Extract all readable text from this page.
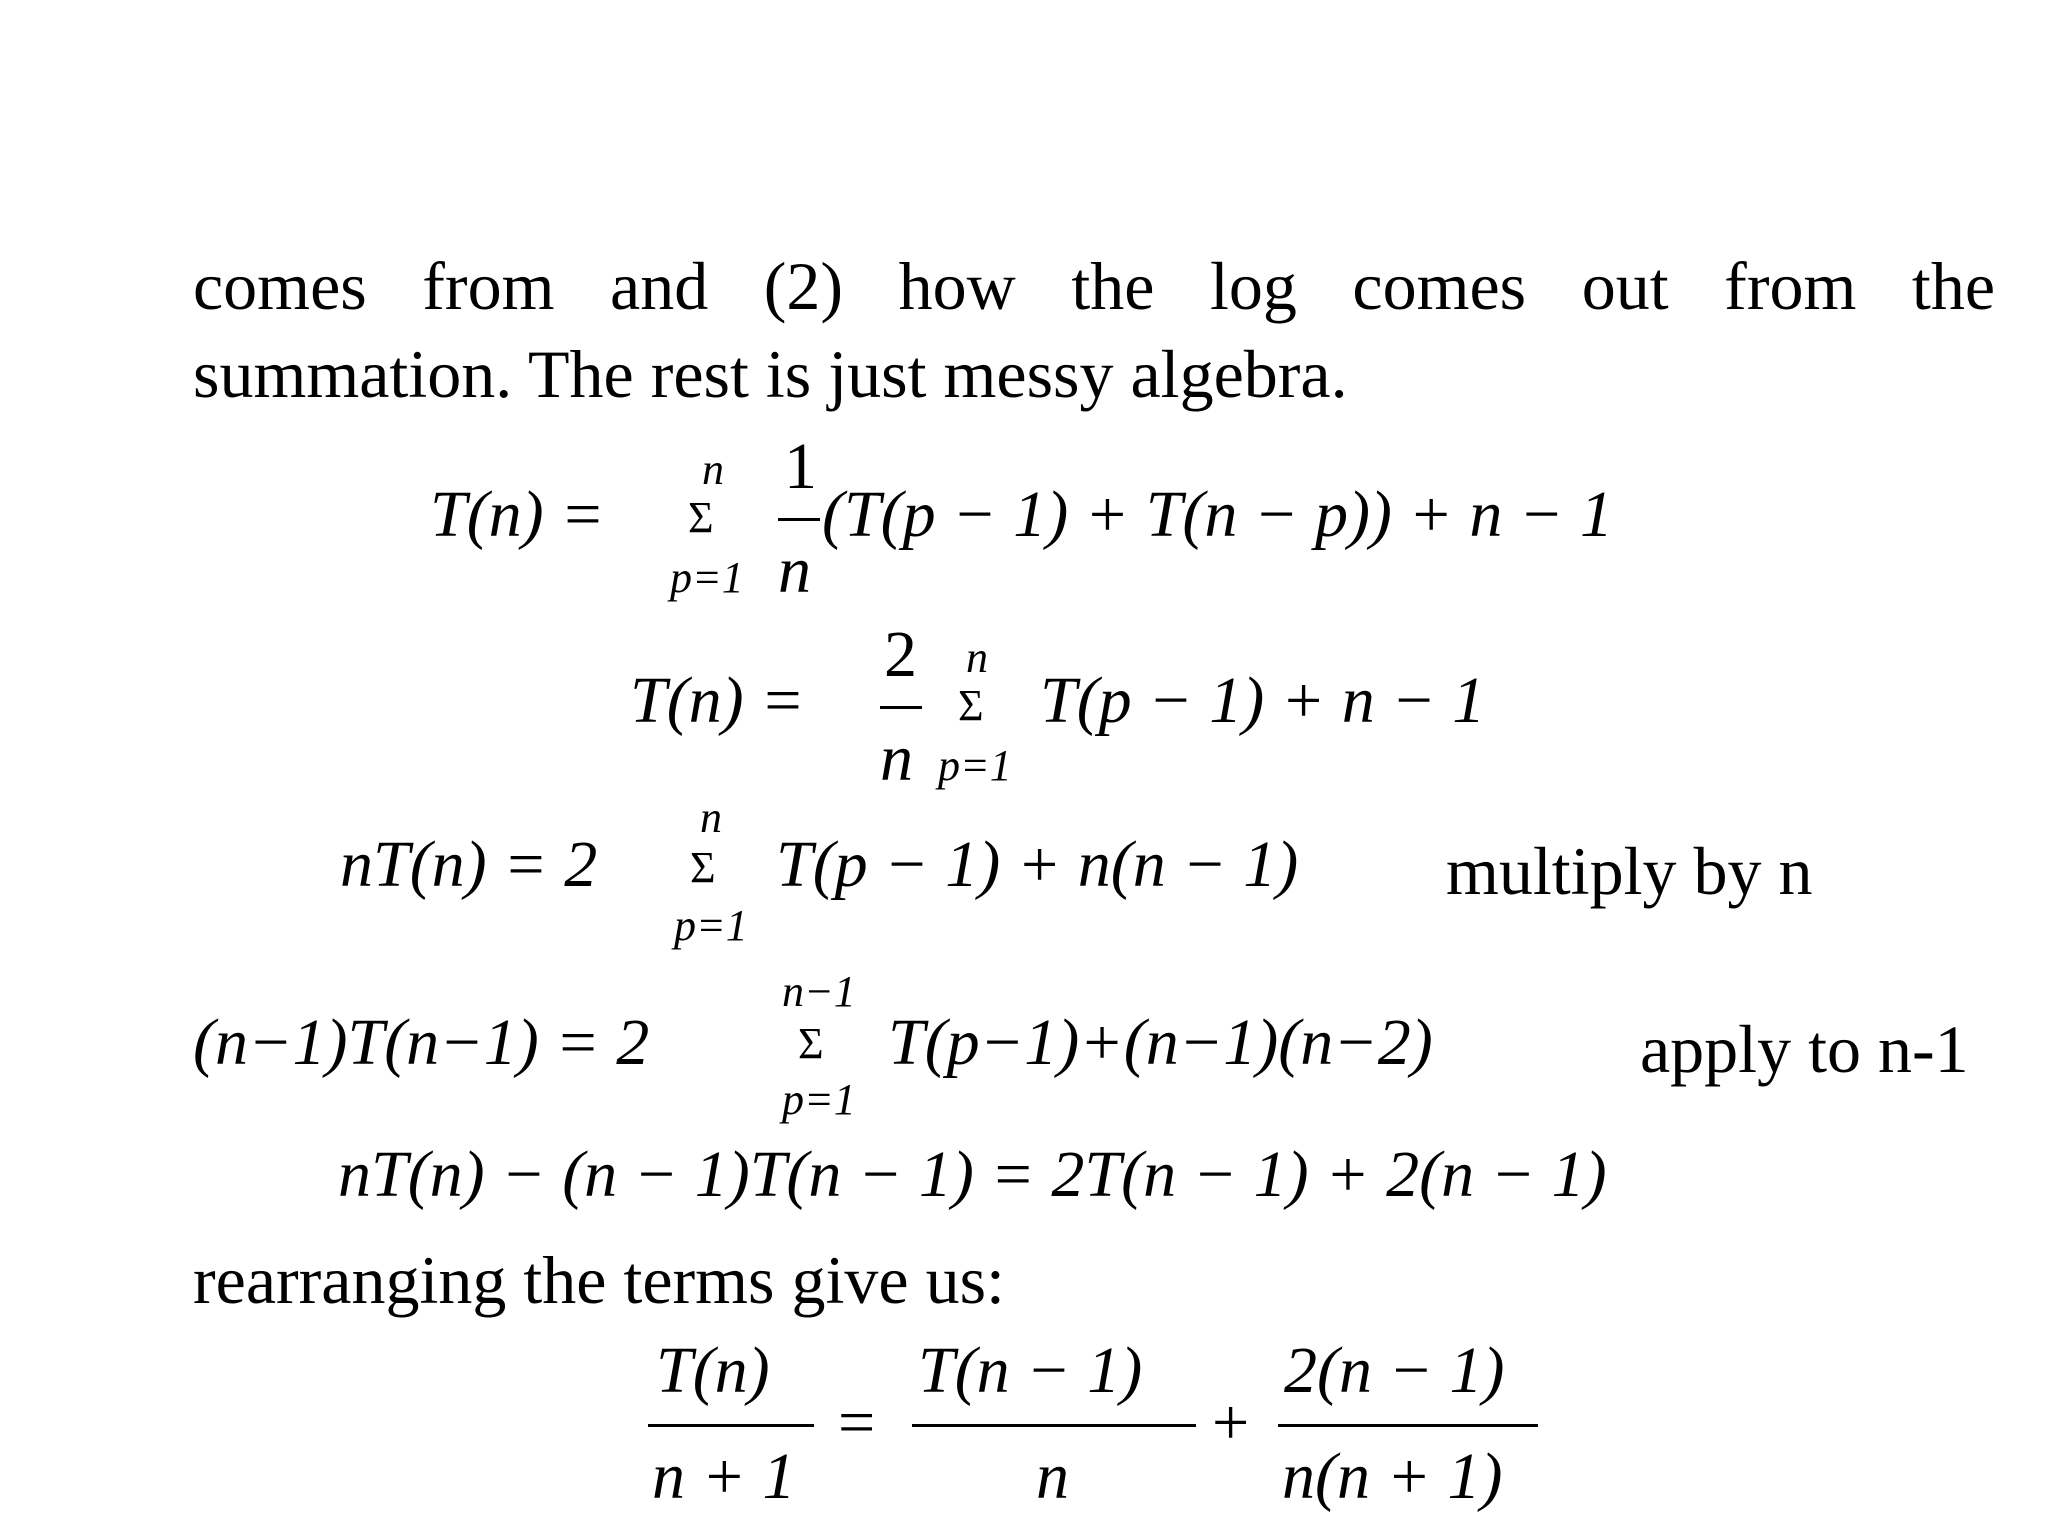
comes from and (2) how the log comes out from the
summation. The rest is just messy algebra.
T(n) =
n
Σ
p=1
1
n
(T(p − 1) + T(n − p)) + n − 1
T(n) =
2
n
n
Σ
p=1
T(p − 1) + n − 1
nT(n) = 2
n
Σ
p=1
T(p − 1) + n(n − 1) multiply by n
(n−1)T(n−1) = 2
n−1
Σ
p=1
T(p−1)+(n−1)(n−2)	apply to n-1
nT(n) − (n − 1)T(n − 1) = 2T(n − 1) + 2(n − 1)
rearranging the terms give us:
T(n)
n + 1
=
T(n − 1)
n
+
2(n − 1)
n(n + 1)
